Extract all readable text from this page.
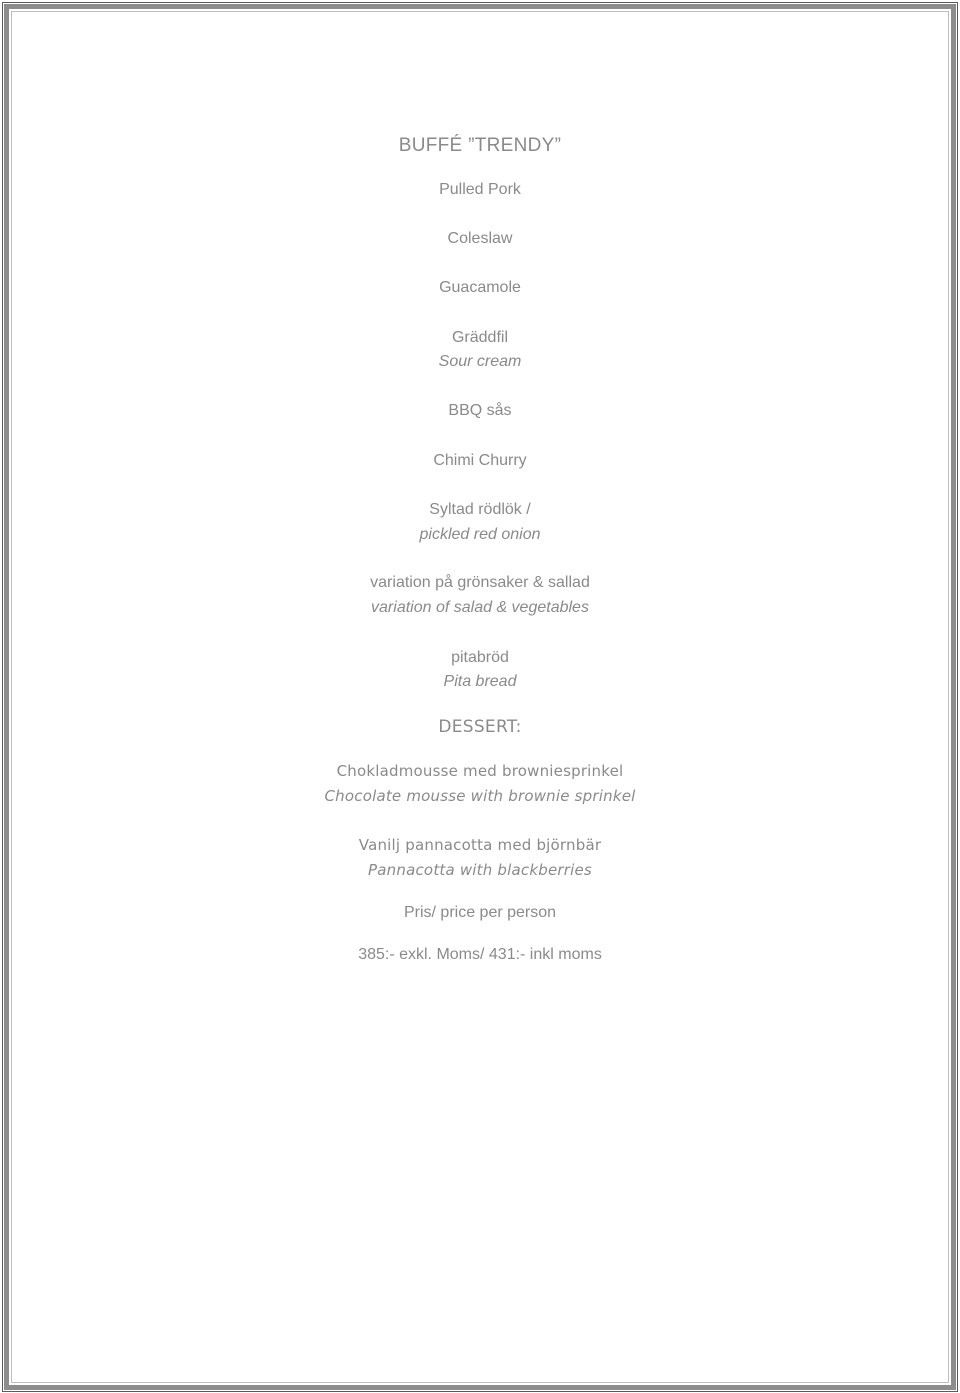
BUFFÉ ”TRENDY”
Pulled Pork
Coleslaw
Guacamole
Gräddfil
Sour cream
BBQ sås
Chimi Churry
Syltad rödlök /
pickled red onion
variation på grönsaker & sallad
variation of salad & vegetables
pitabröd
Pita bread
DESSERT:
Chokladmousse med browniesprinkel
Chocolate mousse with brownie sprinkel
Vanilj pannacotta med björnbär
Pannacotta with blackberries
Pris/ price per person
385:- exkl. Moms/ 431:- inkl moms
